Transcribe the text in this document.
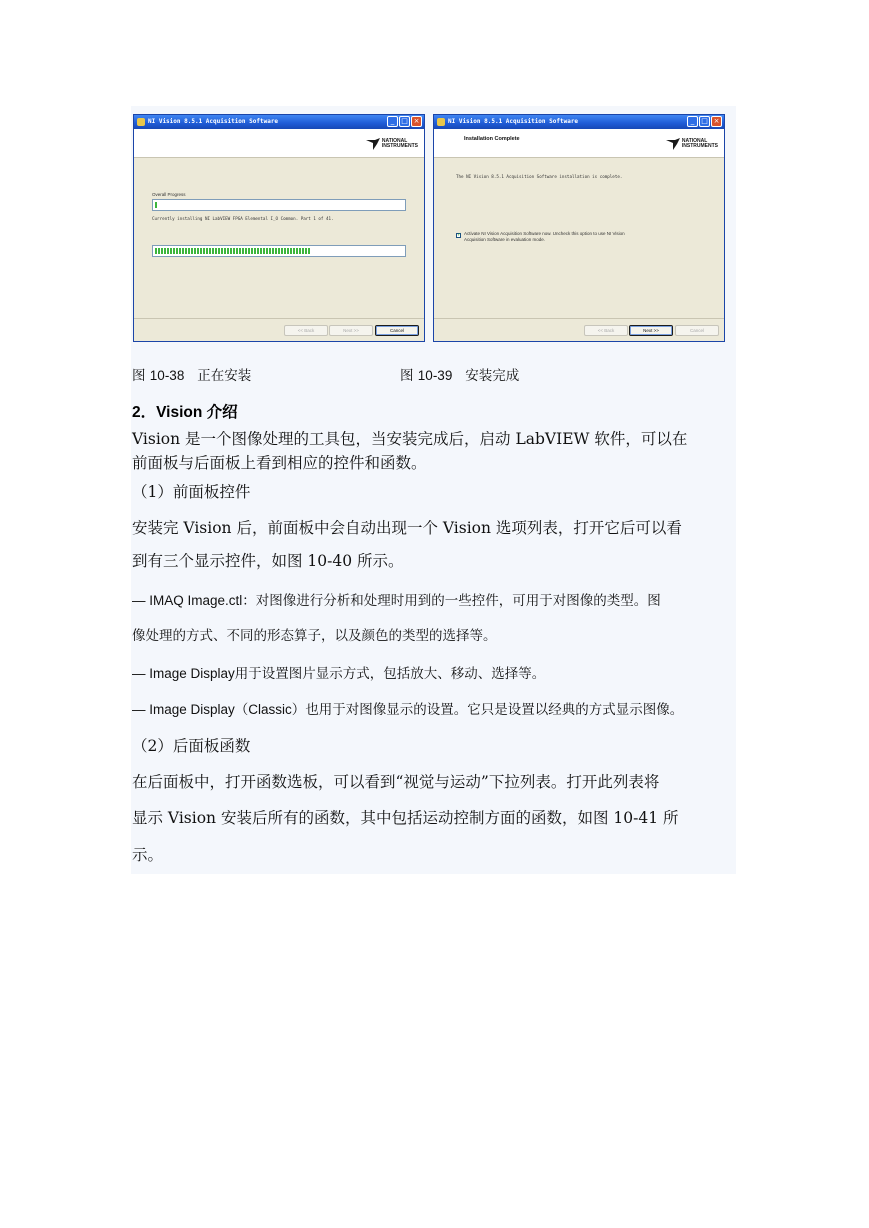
NI Vision 8.5.1 Acquisition Software	_ □ ×
NATIONAL
INSTRUMENTS
Overall Progress
Currently installing NI LabVIEW FPGA Elemental I_O Common. Part 1 of 41.
<< Back	Next >>	Cancel
NI Vision 8.5.1 Acquisition Software	_ □ ×
Installation Complete	NATIONAL
INSTRUMENTS
The NI Vision 8.5.1 Acquisition Software installation is complete.
✓ Activate NI Vision Acquisition Software now. Uncheck this option to use NI Vision
Acquisition Software in evaluation mode.
<< Back	Next >>	Cancel
图 10-38 正在安装	图 10-39 安装完成
2．Vision 介绍
Vision 是一个图像处理的工具包，当安装完成后，启动 LabVIEW 软件，可以在
前面板与后面板上看到相应的控件和函数。
（1）前面板控件
安装完 Vision 后，前面板中会自动出现一个 Vision 选项列表，打开它后可以看
到有三个显示控件，如图 10-40 所示。
— IMAQ Image.ctl：对图像进行分析和处理时用到的一些控件，可用于对图像的类型。图
像处理的方式、不同的形态算子，以及颜色的类型的选择等。
— Image Display用于设置图片显示方式，包括放大、移动、选择等。
— Image Display（Classic）也用于对图像显示的设置。它只是设置以经典的方式显示图像。
（2）后面板函数
在后面板中，打开函数选板，可以看到“视觉与运动”下拉列表。打开此列表将
显示 Vision 安装后所有的函数，其中包括运动控制方面的函数，如图 10-41 所
示。
